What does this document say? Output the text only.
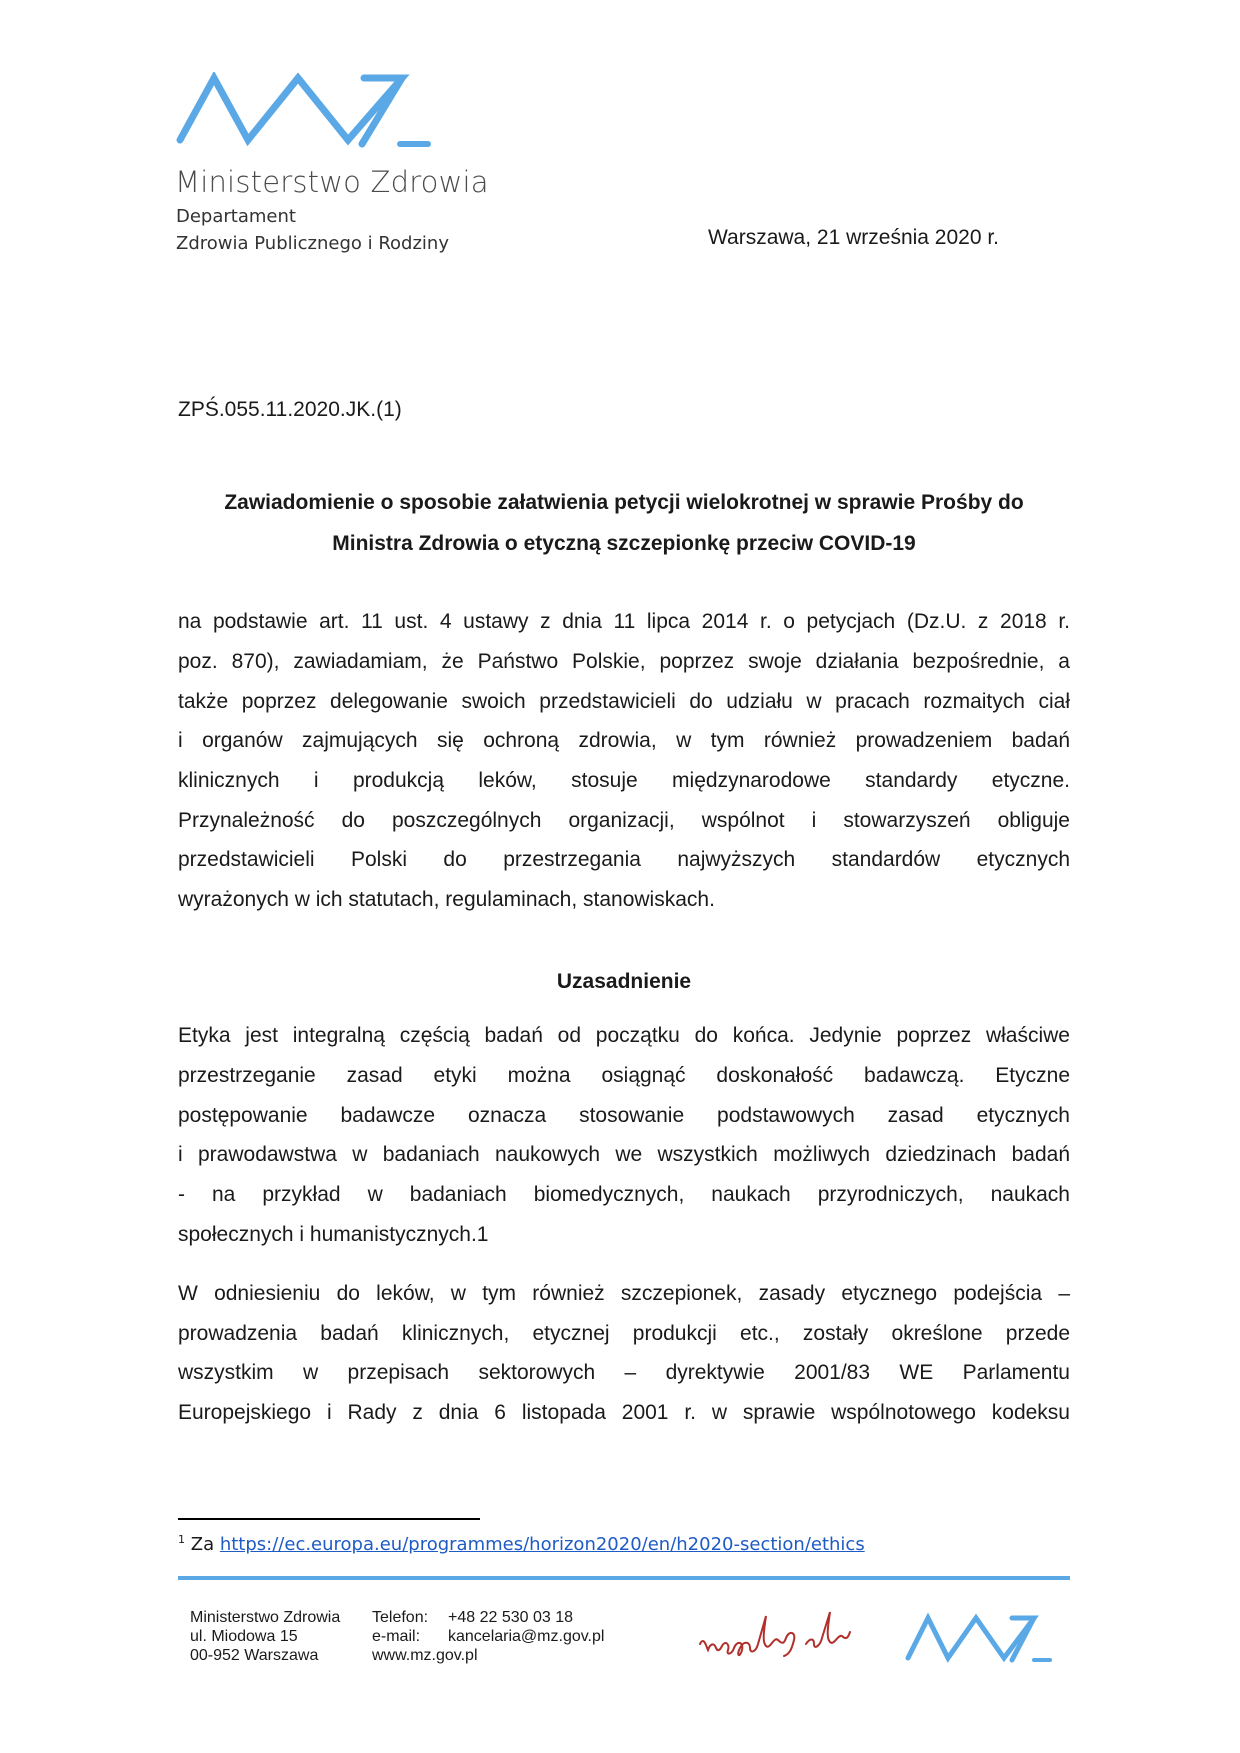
Ministerstwo Zdrowia
Departament
Zdrowia Publicznego i Rodziny	Warszawa, 21 września 2020 r.
ZPŚ.055.11.2020.JK.(1)
Zawiadomienie o sposobie załatwienia petycji wielokrotnej w sprawie Prośby do
Ministra Zdrowia o etyczną szczepionkę przeciw COVID-19
na podstawie art. 11 ust. 4 ustawy z dnia 11 lipca 2014 r. o petycjach (Dz.U. z 2018 r.
poz. 870), zawiadamiam, że Państwo Polskie, poprzez swoje działania bezpośrednie, a
także poprzez delegowanie swoich przedstawicieli do udziału w pracach rozmaitych ciał
i organów zajmujących się ochroną zdrowia, w tym również prowadzeniem badań
klinicznych i produkcją leków, stosuje międzynarodowe standardy etyczne.
Przynależność do poszczególnych organizacji, wspólnot i stowarzyszeń obliguje
przedstawicieli Polski do przestrzegania najwyższych standardów etycznych
wyrażonych w ich statutach, regulaminach, stanowiskach.
Uzasadnienie
Etyka jest integralną częścią badań od początku do końca. Jedynie poprzez właściwe
przestrzeganie zasad etyki można osiągnąć doskonałość badawczą. Etyczne
postępowanie badawcze oznacza stosowanie podstawowych zasad etycznych
i prawodawstwa w badaniach naukowych we wszystkich możliwych dziedzinach badań
- na przykład w badaniach biomedycznych, naukach przyrodniczych, naukach
społecznych i humanistycznych.1
W odniesieniu do leków, w tym również szczepionek, zasady etycznego podejścia –
prowadzenia badań klinicznych, etycznej produkcji etc., zostały określone przede
wszystkim w przepisach sektorowych – dyrektywie 2001/83 WE Parlamentu
Europejskiego i Rady z dnia 6 listopada 2001 r. w sprawie wspólnotowego kodeksu
$^1$ Za https://ec.europa.eu/programmes/horizon2020/en/h2020-section/ethics
Ministerstwo Zdrowia
ul. Miodowa 15
00-952 Warszawa
Telefon:
e-mail:
www.mz.gov.pl
+48 22 530 03 18
kancelaria@mz.gov.pl
